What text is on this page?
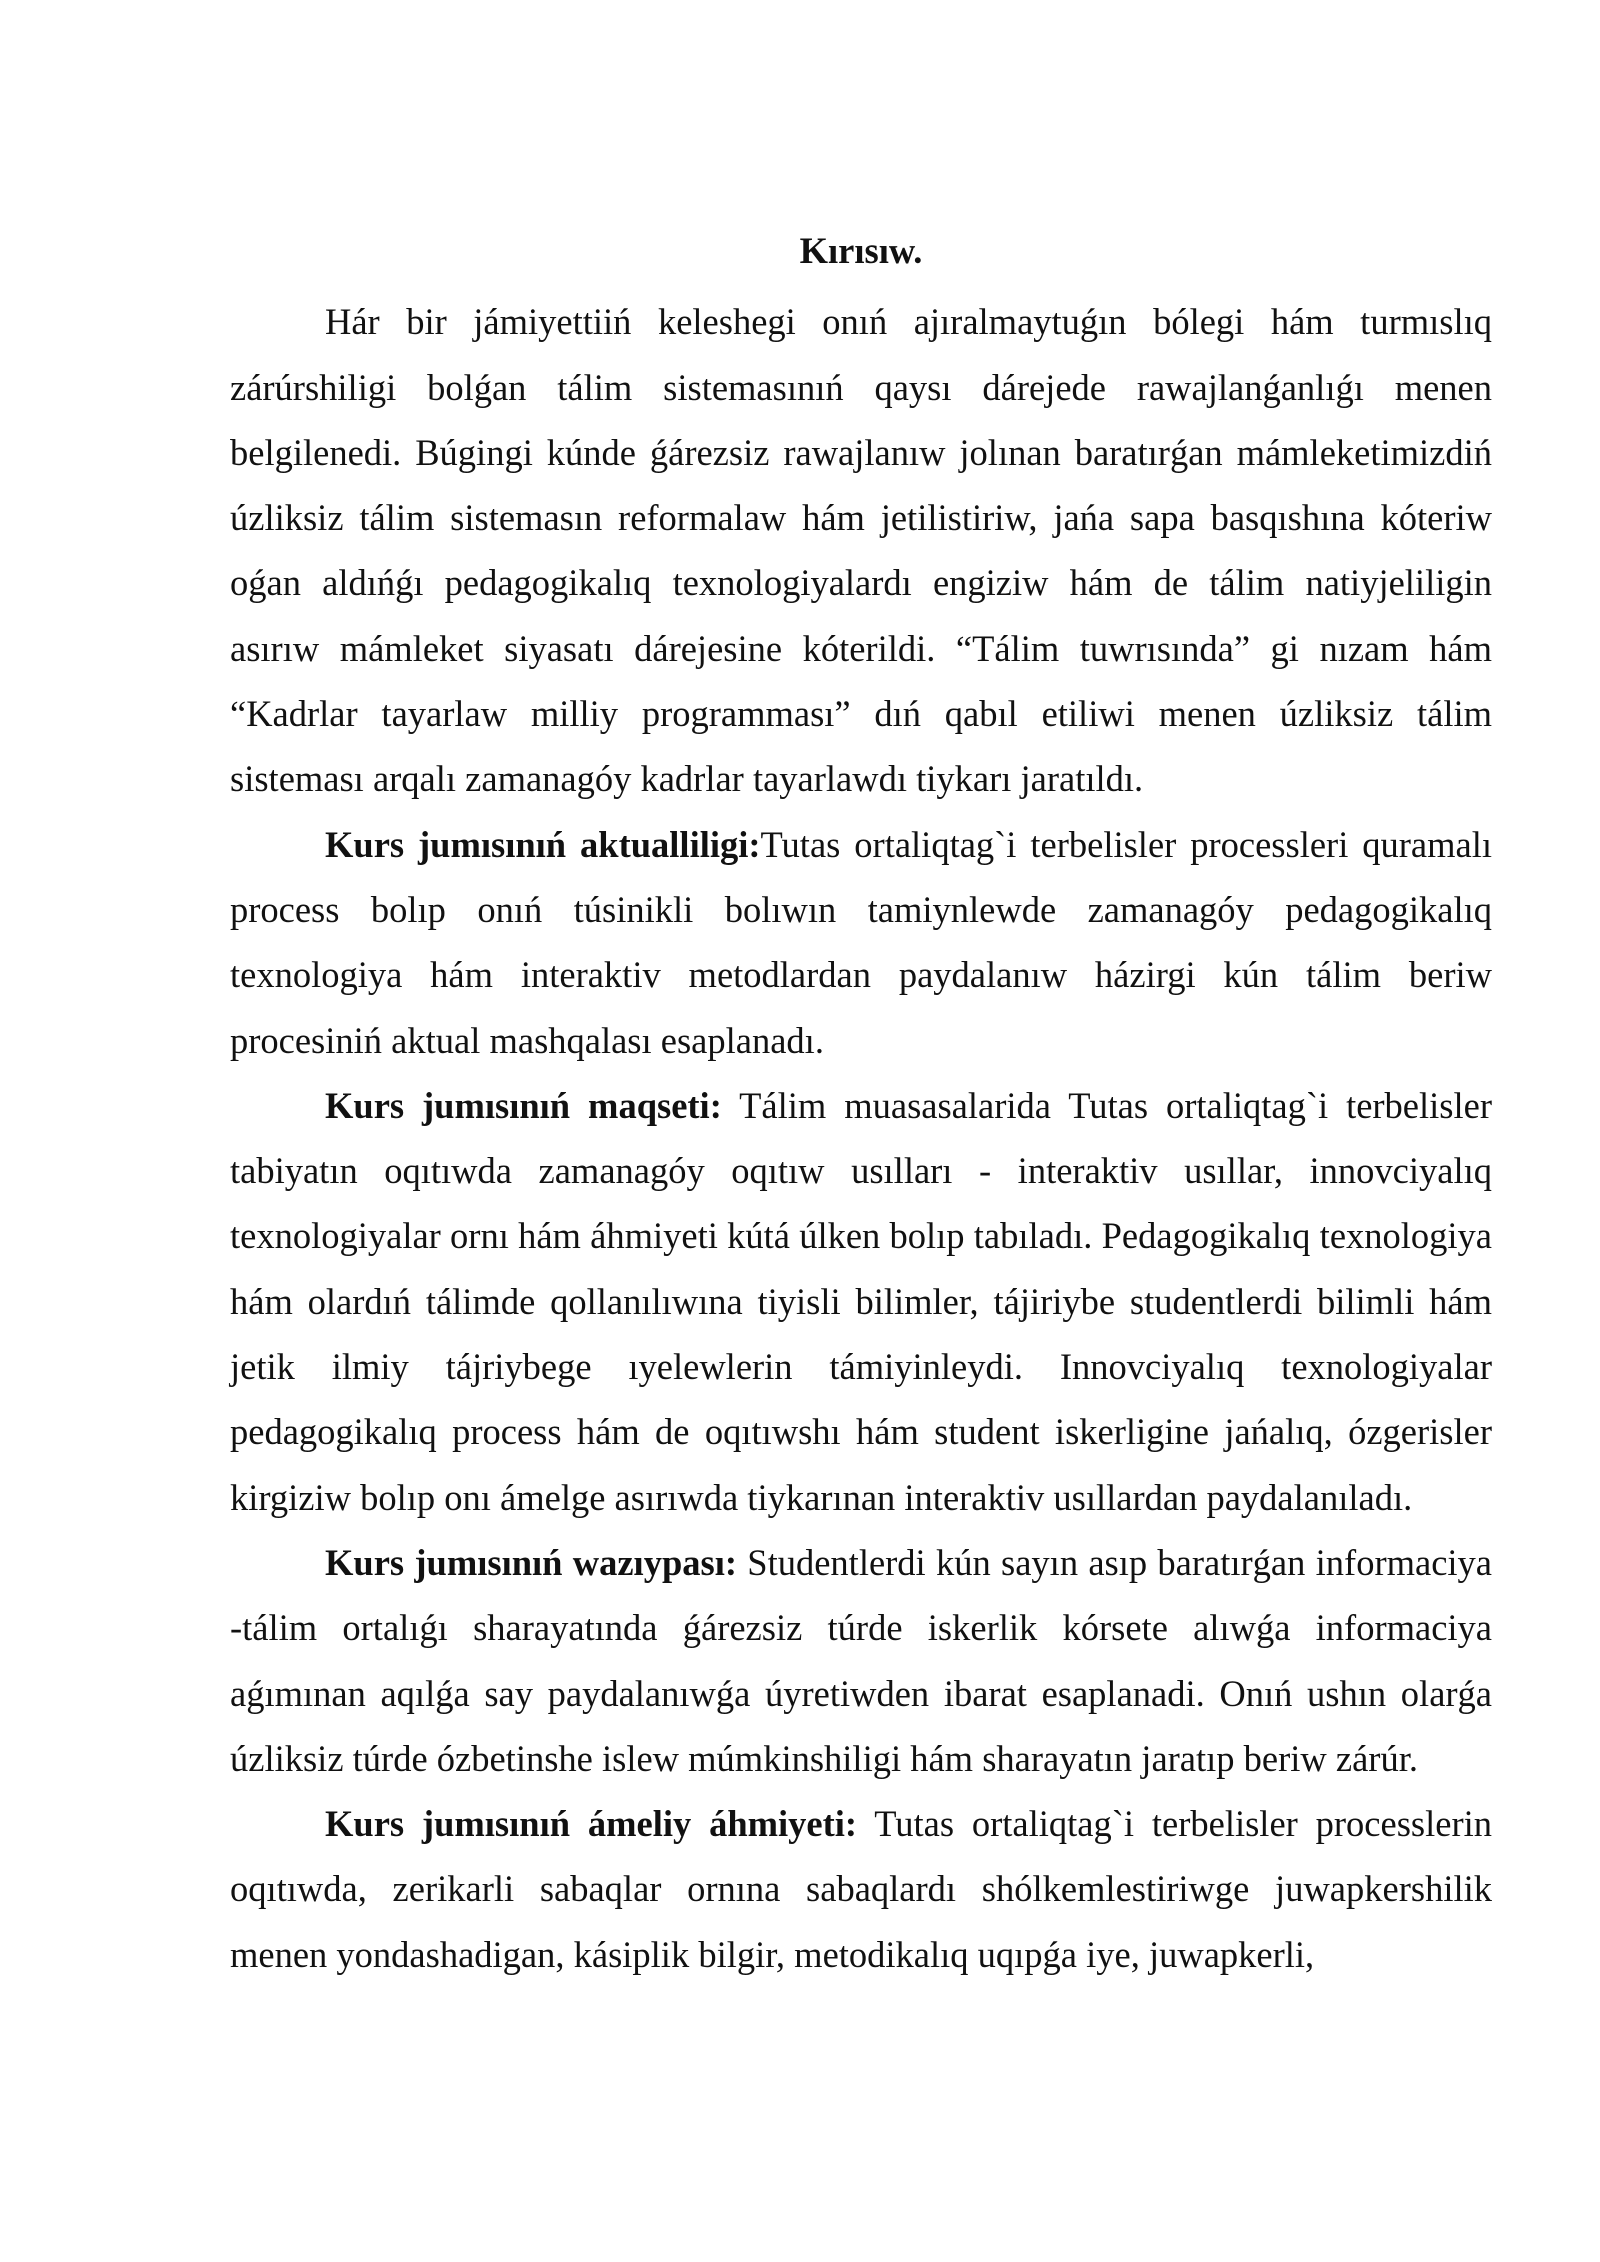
Kırısıw.

Hár bir jámiyettiiń keleshegi onıń ajıralmaytuǵın bólegi hám turmıslıq zárúrshiligi bolǵan tálim sistemasınıń qaysı dárejede rawajlanǵanlıǵı menen belgilenedi. Búgingi kúnde ǵárezsiz rawajlanıw jolınan baratırǵan mámleketimizdiń úzliksiz tálim sistemasın reformalaw hám jetilistiriw, jańa sapa basqıshına kóteriw oǵan aldıńǵı pedagogikalıq texnologiyalardı engiziw hám de tálim natiyjeliligin asırıw mámleket siyasatı dárejesine kóterildi. “Tálim tuwrısında” gi nızam hám “Kadrlar tayarlaw milliy programması” dıń qabıl etiliwi menen úzliksiz tálim sisteması arqalı zamanagóy kadrlar tayarlawdı tiykarı jaratıldı.

Kurs jumısınıń aktualliligi:Tutas ortaliqtag`i terbelisler processleri quramalı process bolıp onıń túsinikli bolıwın tamiynlewde zamanagóy pedagogikalıq texnologiya hám interaktiv metodlardan paydalanıw házirgi kún tálim beriw procesiniń aktual mashqalası esaplanadı.

Kurs jumısınıń maqseti: Tálim muasasalarida Tutas ortaliqtag`i terbelisler tabiyatın oqıtıwda zamanagóy oqıtıw usılları - interaktiv usıllar, innovciyalıq texnologiyalar ornı hám áhmiyeti kútá úlken bolıp tabıladı. Pedagogikalıq texnologiya hám olardıń tálimde qollanılıwına tiyisli bilimler, tájiriybe studentlerdi bilimli hám jetik ilmiy tájriybege ıyelewlerin támiyinleydi. Innovciyalıq texnologiyalar pedagogikalıq process hám de oqıtıwshı hám student iskerligine jańalıq, ózgerisler kirgiziw bolıp onı ámelge asırıwda tiykarınan interaktiv usıllardan paydalanıladı.

Kurs jumısınıń wazıypası: Studentlerdi kún sayın asıp baratırǵan informaciya -tálim ortalıǵı sharayatında ǵárezsiz túrde iskerlik kórsete alıwǵa informaciya aǵımınan aqılǵa say paydalanıwǵa úyretiwden ibarat esaplanadi. Onıń ushın olarǵa úzliksiz túrde ózbetinshe islew múmkinshiligi hám sharayatın jaratıp beriw zárúr.

Kurs jumısınıń ámeliy áhmiyeti: Tutas ortaliqtag`i terbelisler processlerin oqıtıwda, zerikarli sabaqlar ornına sabaqlardı shólkemlestiriwge juwapkershilik menen yondashadigan, kásiplik bilgir, metodikalıq uqıpǵa iye, juwapkerli,
